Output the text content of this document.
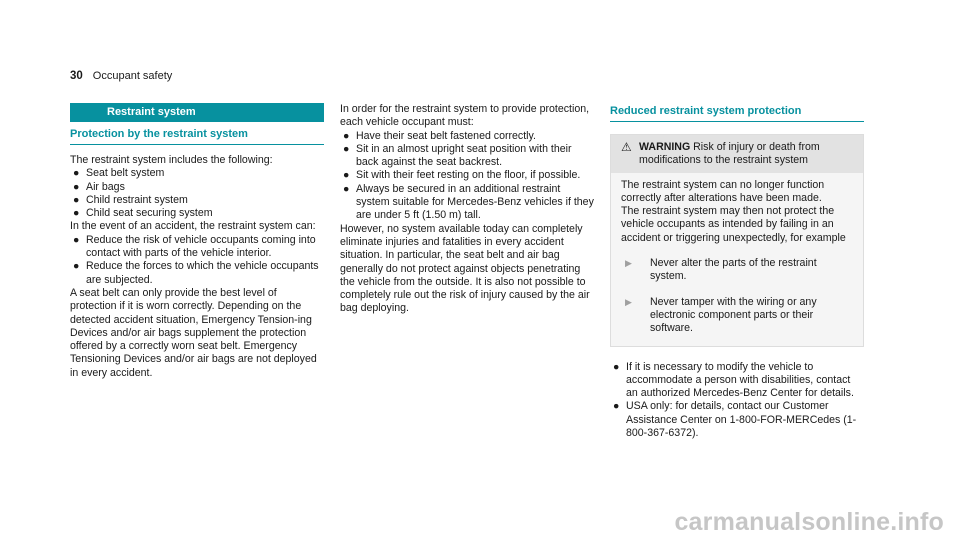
30 Occupant safety
Restraint system
Protection by the restraint system

The restraint system includes the following:

● Seat belt system
● Air bags
● Child restraint system
● Child seat securing system

In the event of an accident, the restraint system can:

● Reduce the risk of vehicle occupants coming into contact with parts of the vehicle interior.
● Reduce the forces to which the vehicle occupants are subjected.

A seat belt can only provide the best level of protection if it is worn correctly. Depending on the detected accident situation, Emergency Tension-ing Devices and/or air bags supplement the protection offered by a correctly worn seat belt. Emergency Tensioning Devices and/or air bags are not deployed in every accident.

In order for the restraint system to provide protection, each vehicle occupant must:

● Have their seat belt fastened correctly.
● Sit in an almost upright seat position with their back against the seat backrest.
● Sit with their feet resting on the floor, if possible.
● Always be secured in an additional restraint system suitable for Mercedes-Benz vehicles if they are under 5 ft (1.50 m) tall.

However, no system available today can completely eliminate injuries and fatalities in every accident situation. In particular, the seat belt and air bag generally do not protect against objects penetrating the vehicle from the outside. It is also not possible to completely rule out the risk of injury caused by the air bag deploying.

Reduced restraint system protection
⚠ WARNING Risk of injury or death from modifications to the restraint system

The restraint system can no longer function correctly after alterations have been made.

The restraint system may then not protect the vehicle occupants as intended by failing in an accident or triggering unexpectedly, for example

▶	Never alter the parts of the restraint system.
▶	Never tamper with the wiring or any electronic component parts or their software.
● If it is necessary to modify the vehicle to accommodate a person with disabilities, contact an authorized Mercedes-Benz Center for details.
● USA only: for details, contact our Customer Assistance Center on 1-800-FOR-MERCedes (1-800-367-6372).
carmanualsonline.info
